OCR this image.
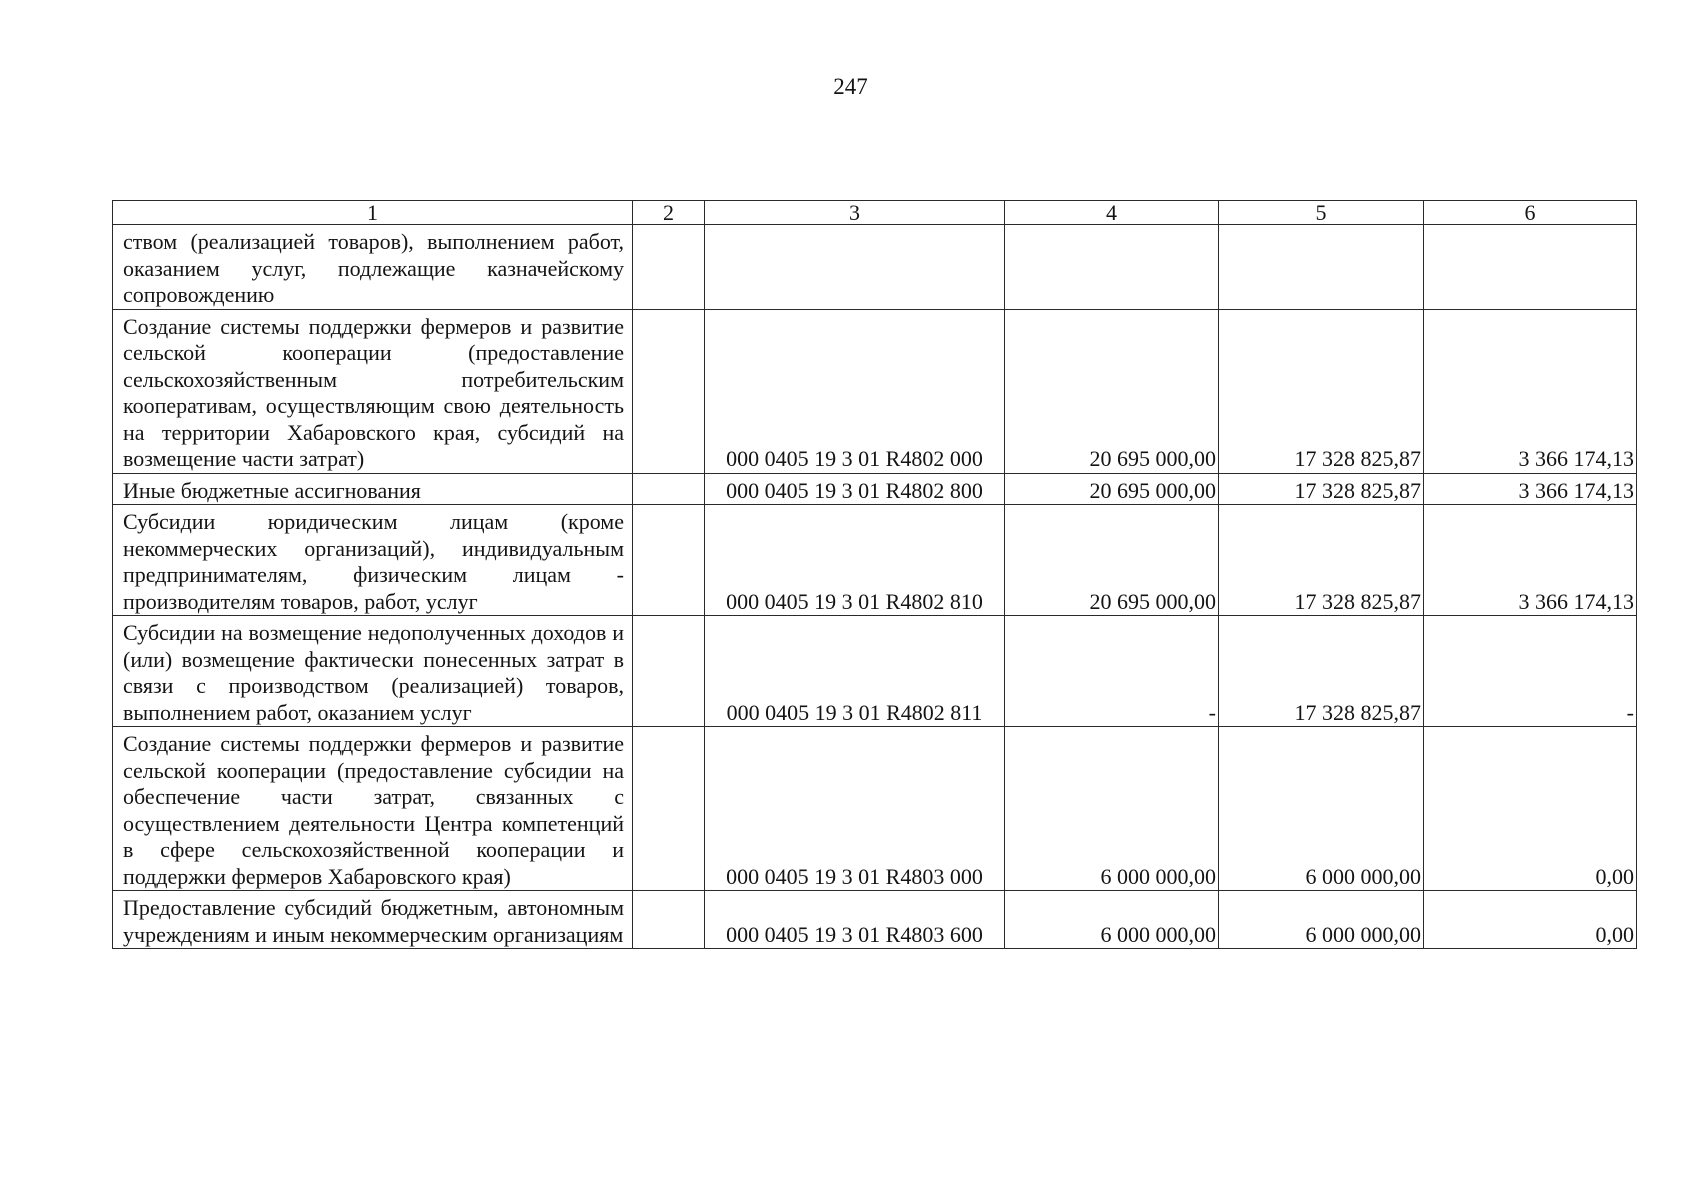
247
1	2	3	4	5	6
ством (реализацией товаров), выполнением работ, оказанием услуг, подлежащие казначейскому сопровождению					
Создание системы поддержки фермеров и развитие сельской кооперации (предоставление сельскохозяйственным потребительским кооперативам, осуществляющим свою деятельность на территории Хабаровского края, субсидий на возмещение части затрат)		000 0405 19 3 01 R4802 000	20 695 000,00	17 328 825,87	3 366 174,13
Иные бюджетные ассигнования		000 0405 19 3 01 R4802 800	20 695 000,00	17 328 825,87	3 366 174,13
Субсидии юридическим лицам (кроме некоммерческих организаций), индивидуальным предпринимателям, физическим лицам - производителям товаров, работ, услуг		000 0405 19 3 01 R4802 810	20 695 000,00	17 328 825,87	3 366 174,13
Субсидии на возмещение недополученных доходов и (или) возмещение фактически понесенных затрат в связи с производством (реализацией) товаров, выполнением работ, оказанием услуг		000 0405 19 3 01 R4802 811	-	17 328 825,87	-
Создание системы поддержки фермеров и развитие сельской кооперации (предоставление субсидии на обеспечение части затрат, связанных с осуществлением деятельности Центра компетенций в сфере сельскохозяйственной кооперации и поддержки фермеров Хабаровского края)		000 0405 19 3 01 R4803 000	6 000 000,00	6 000 000,00	0,00
Предоставление субсидий бюджетным, автономным учреждениям и иным некоммерческим организациям		000 0405 19 3 01 R4803 600	6 000 000,00	6 000 000,00	0,00
